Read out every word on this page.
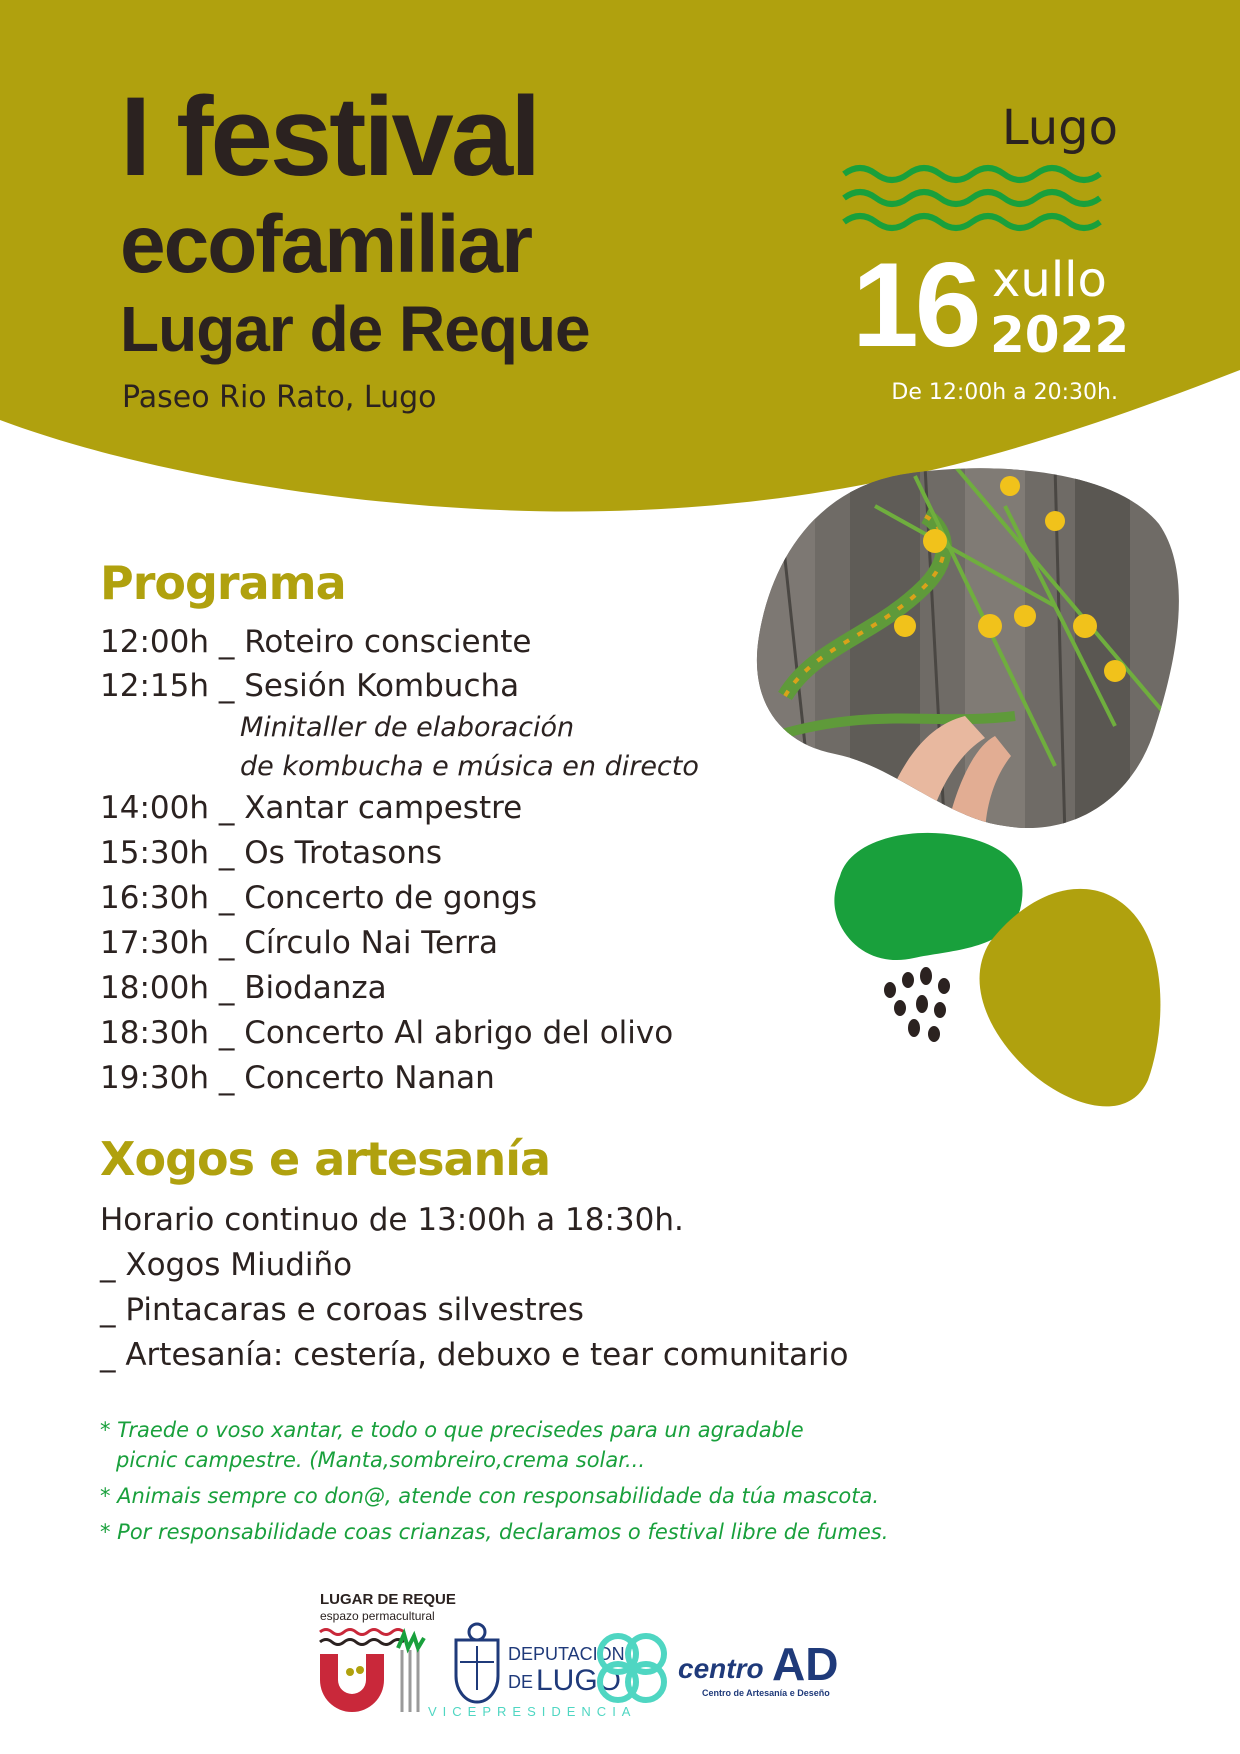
I festival
ecofamiliar
Lugar de Reque
Paseo Rio Rato, Lugo
Lugo
16 xullo
2022
De 12:00h a 20:30h.
Programa
12:00h _ Roteiro consciente
12:15h _ Sesión Kombucha
Minitaller de elaboración
de kombucha e música en directo
14:00h _ Xantar campestre
15:30h _ Os Trotasons
16:30h _ Concerto de gongs
17:30h _ Círculo Nai Terra
18:00h _ Biodanza
18:30h _ Concerto Al abrigo del olivo
19:30h _ Concerto Nanan
Xogos e artesanía
Horario continuo de 13:00h a 18:30h.
_ Xogos Miudiño
_ Pintacaras e coroas silvestres
_ Artesanía: cestería, debuxo e tear comunitario
* Traede o voso xantar, e todo o que precisedes para un agradable
picnic campestre. (Manta,sombreiro,crema solar...
* Animais sempre co don@, atende con responsabilidade da túa mascota.
* Por responsabilidade coas crianzas, declaramos o festival libre de fumes.
LUGAR DE REQUE
espazo permacultural
DEPUTACIÓN
DE LUGO
VICEPRESIDENCIA
centro AD
Centro de Artesanía e Deseño
